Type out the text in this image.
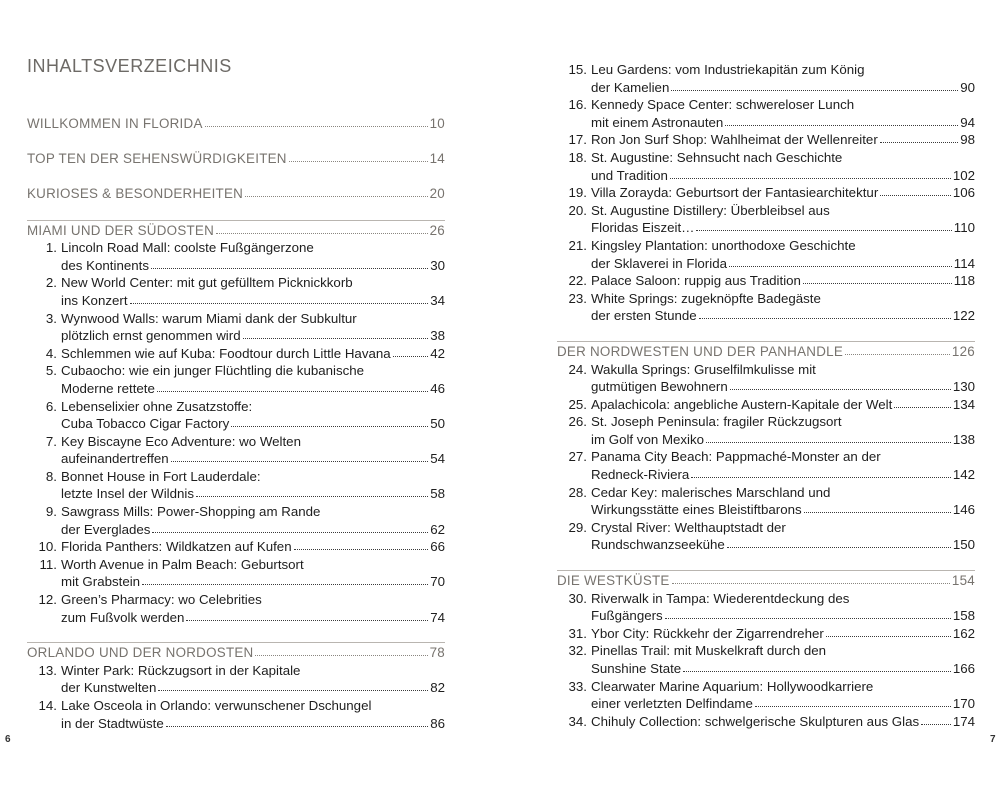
INHALTSVERZEICHNIS
WILLKOMMEN IN FLORIDA	10
TOP TEN DER SEHENSWÜRDIGKEITEN	14
KURIOSES & BESONDERHEITEN	20
MIAMI UND DER SÜDOSTEN	26
1. Lincoln Road Mall: coolste Fußgängerzone
des Kontinents	30
2. New World Center: mit gut gefülltem Picknickkorb
ins Konzert	34
3. Wynwood Walls: warum Miami dank der Subkultur
plötzlich ernst genommen wird	38
4. Schlemmen wie auf Kuba: Foodtour durch Little Havana	42
5. Cubaocho: wie ein junger Flüchtling die kubanische
Moderne rettete	46
6. Lebenselixier ohne Zusatzstoffe:
Cuba Tobacco Cigar Factory	50
7. Key Biscayne Eco Adventure: wo Welten
aufeinandertreffen	54
8. Bonnet House in Fort Lauderdale:
letzte Insel der Wildnis	58
9. Sawgrass Mills: Power-Shopping am Rande
der Everglades	62
10. Florida Panthers: Wildkatzen auf Kufen	66
11. Worth Avenue in Palm Beach: Geburtsort
mit Grabstein	70
12. Green’s Pharmacy: wo Celebrities
zum Fußvolk werden	74
ORLANDO UND DER NORDOSTEN	78
13. Winter Park: Rückzugsort in der Kapitale
der Kunstwelten	82
14. Lake Osceola in Orlando: verwunschener Dschungel
in der Stadtwüste	86
15. Leu Gardens: vom Industriekapitän zum König
der Kamelien	90
16. Kennedy Space Center: schwereloser Lunch
mit einem Astronauten	94
17. Ron Jon Surf Shop: Wahlheimat der Wellenreiter	98
18. St. Augustine: Sehnsucht nach Geschichte
und Tradition	102
19. Villa Zorayda: Geburtsort der Fantasiearchitektur	106
20. St. Augustine Distillery: Überbleibsel aus
Floridas Eiszeit…	110
21. Kingsley Plantation: unorthodoxe Geschichte
der Sklaverei in Florida	114
22. Palace Saloon: ruppig aus Tradition	118
23. White Springs: zugeknöpfte Badegäste
der ersten Stunde	122
DER NORDWESTEN UND DER PANHANDLE	126
24. Wakulla Springs: Gruselfilmkulisse mit
gutmütigen Bewohnern	130
25. Apalachicola: angebliche Austern-Kapitale der Welt	134
26. St. Joseph Peninsula: fragiler Rückzugsort
im Golf von Mexiko	138
27. Panama City Beach: Pappmaché-Monster an der
Redneck-Riviera	142
28. Cedar Key: malerisches Marschland und
Wirkungsstätte eines Bleistiftbarons	146
29. Crystal River: Welthauptstadt der
Rundschwanzseekühe	150
DIE WESTKÜSTE	154
30. Riverwalk in Tampa: Wiederentdeckung des
Fußgängers	158
31. Ybor City: Rückkehr der Zigarrendreher	162
32. Pinellas Trail: mit Muskelkraft durch den
Sunshine State	166
33. Clearwater Marine Aquarium: Hollywoodkarriere
einer verletzten Delfindame	170
34. Chihuly Collection: schwelgerische Skulpturen aus Glas	174
6	7
